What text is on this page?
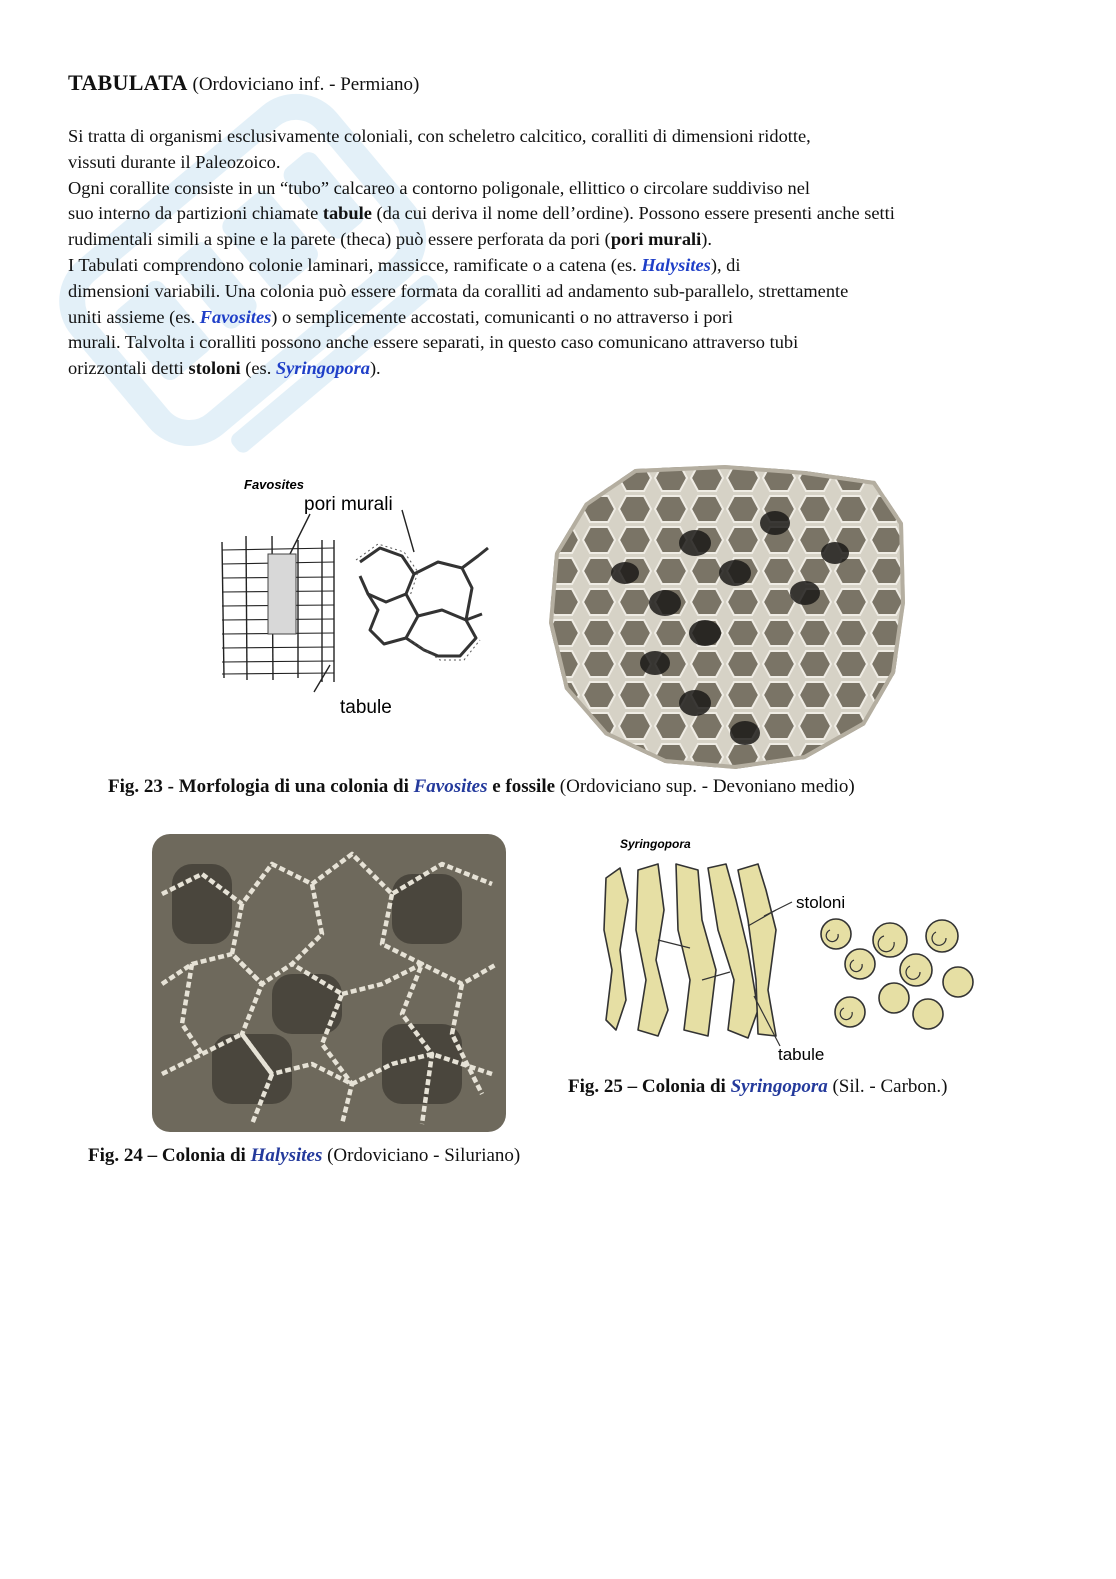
TABULATA (Ordoviciano inf. - Permiano)

Si tratta di organismi esclusivamente coloniali, con scheletro calcitico, coralliti di dimensioni ridotte,

vissuti durante il Paleozoico.

Ogni corallite consiste in un “tubo” calcareo a contorno poligonale, ellittico o circolare suddiviso nel

suo interno da partizioni chiamate tabule (da cui deriva il nome dell’ordine). Possono essere presenti anche setti

rudimentali simili a spine e la parete (theca) può essere perforata da pori (pori murali).

I Tabulati comprendono colonie laminari, massicce, ramificate o a catena (es. Halysites), di

dimensioni variabili. Una colonia può essere formata da coralliti ad andamento sub-parallelo, strettamente

uniti assieme (es. Favosites) o semplicemente accostati, comunicanti o no attraverso i pori

murali. Talvolta i coralliti possono anche essere separati, in questo caso comunicano attraverso tubi

orizzontali detti stoloni (es. Syringopora).

Favosites
pori murali
tabule
Fig. 23 - Morfologia di una colonia di Favosites e fossile (Ordoviciano sup. - Devoniano medio)
Fig. 24 – Colonia di Halysites (Ordoviciano - Siluriano)
Syringopora
stoloni
tabule
Fig. 25 – Colonia di Syringopora (Sil. - Carbon.)
